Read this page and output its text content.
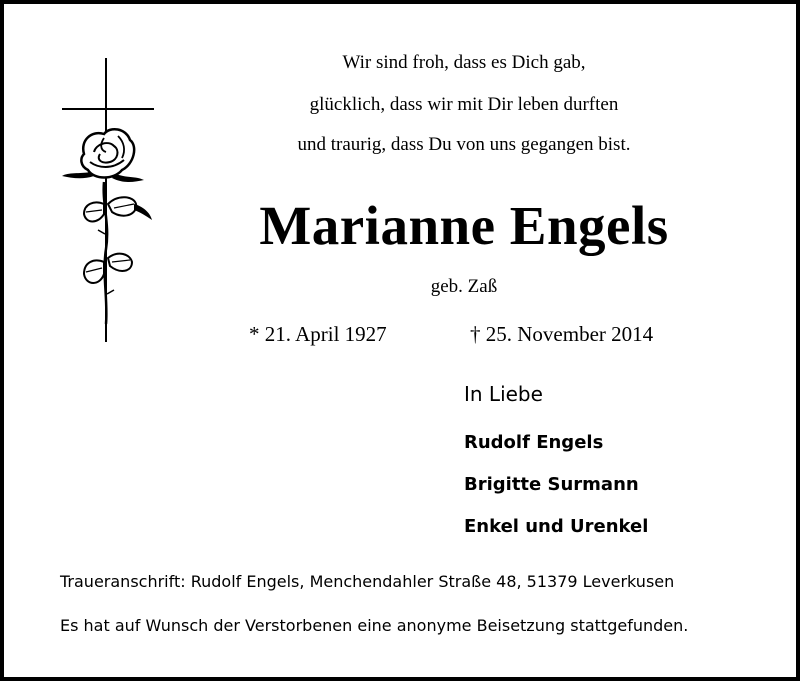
Wir sind froh, dass es Dich gab,
glücklich, dass wir mit Dir leben durften
und traurig, dass Du von uns gegangen bist.
Marianne Engels
geb. Zaß
* 21. April 1927	† 25. November 2014
In Liebe
Rudolf Engels
Brigitte Surmann
Enkel und Urenkel
Traueranschrift: Rudolf Engels, Menchendahler Straße 48, 51379 Leverkusen
Es hat auf Wunsch der Verstorbenen eine anonyme Beisetzung stattgefunden.
